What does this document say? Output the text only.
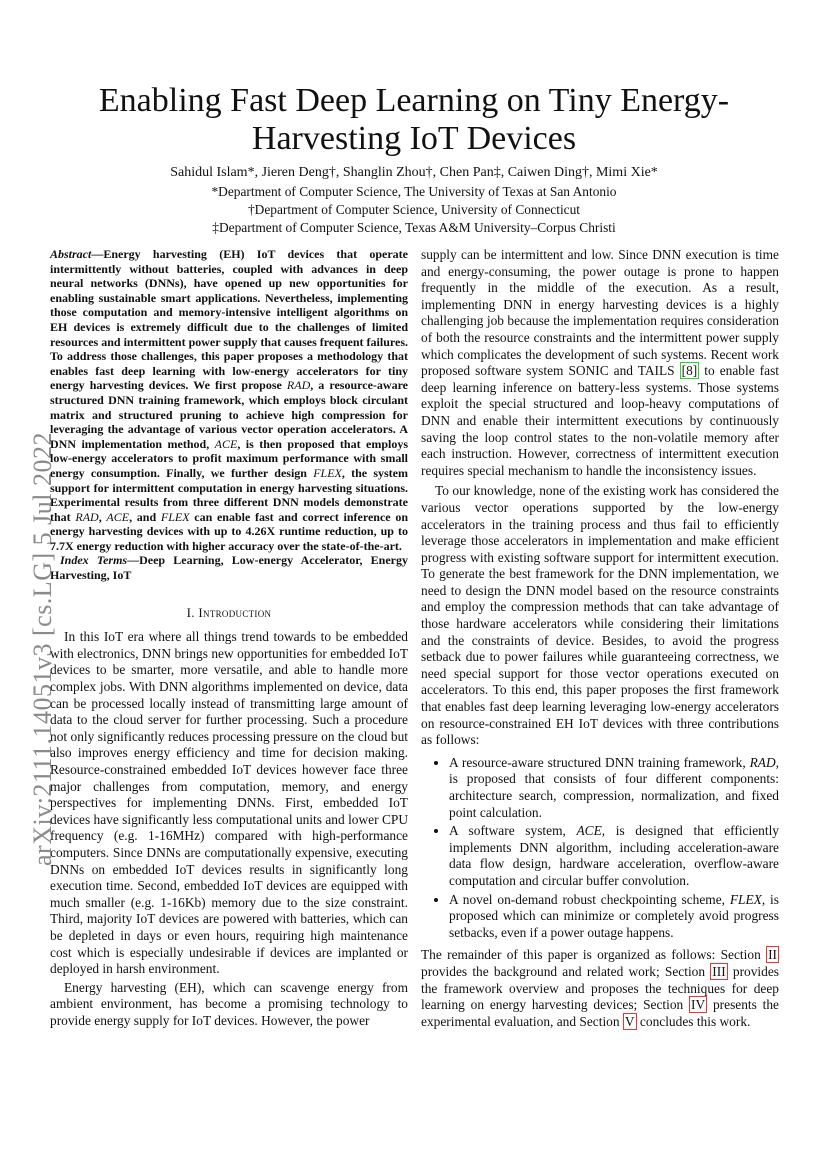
arXiv:2111.14051v3 [cs.LG] 5 Jul 2022
Enabling Fast Deep Learning on Tiny Energy-Harvesting IoT Devices
Sahidul Islam*, Jieren Deng†, Shanglin Zhou†, Chen Pan‡, Caiwen Ding†, Mimi Xie*
*Department of Computer Science, The University of Texas at San Antonio
†Department of Computer Science, University of Connecticut
‡Department of Computer Science, Texas A&M University–Corpus Christi

Abstract—Energy harvesting (EH) IoT devices that operate intermittently without batteries, coupled with advances in deep neural networks (DNNs), have opened up new opportunities for enabling sustainable smart applications. Nevertheless, implementing those computation and memory-intensive intelligent algorithms on EH devices is extremely difficult due to the challenges of limited resources and intermittent power supply that causes frequent failures. To address those challenges, this paper proposes a methodology that enables fast deep learning with low-energy accelerators for tiny energy harvesting devices. We first propose RAD, a resource-aware structured DNN training framework, which employs block circulant matrix and structured pruning to achieve high compression for leveraging the advantage of various vector operation accelerators. A DNN implementation method, ACE, is then proposed that employs low-energy accelerators to profit maximum performance with small energy consumption. Finally, we further design FLEX, the system support for intermittent computation in energy harvesting situations. Experimental results from three different DNN models demonstrate that RAD, ACE, and FLEX can enable fast and correct inference on energy harvesting devices with up to 4.26X runtime reduction, up to 7.7X energy reduction with higher accuracy over the state-of-the-art.

Index Terms—Deep Learning, Low-energy Accelerator, Energy Harvesting, IoT

I. Introduction

In this IoT era where all things trend towards to be embedded with electronics, DNN brings new opportunities for embedded IoT devices to be smarter, more versatile, and able to handle more complex jobs. With DNN algorithms implemented on device, data can be processed locally instead of transmitting large amount of data to the cloud server for further processing. Such a procedure not only significantly reduces processing pressure on the cloud but also improves energy efficiency and time for decision making. Resource-constrained embedded IoT devices however face three major challenges from computation, memory, and energy perspectives for implementing DNNs. First, embedded IoT devices have significantly less computational units and lower CPU frequency (e.g. 1-16MHz) compared with high-performance computers. Since DNNs are computationally expensive, executing DNNs on embedded IoT devices results in significantly long execution time. Second, embedded IoT devices are equipped with much smaller (e.g. 1-16Kb) memory due to the size constraint. Third, majority IoT devices are powered with batteries, which can be depleted in days or even hours, requiring high maintenance cost which is especially undesirable if devices are implanted or deployed in harsh environment.

Energy harvesting (EH), which can scavenge energy from ambient environment, has become a promising technology to provide energy supply for IoT devices. However, the power

supply can be intermittent and low. Since DNN execution is time and energy-consuming, the power outage is prone to happen frequently in the middle of the execution. As a result, implementing DNN in energy harvesting devices is a highly challenging job because the implementation requires consideration of both the resource constraints and the intermittent power supply which complicates the development of such systems. Recent work proposed software system SONIC and TAILS [8] to enable fast deep learning inference on battery-less systems. Those systems exploit the special structured and loop-heavy computations of DNN and enable their intermittent executions by continuously saving the loop control states to the non-volatile memory after each instruction. However, correctness of intermittent execution requires special mechanism to handle the inconsistency issues.

To our knowledge, none of the existing work has considered the various vector operations supported by the low-energy accelerators in the training process and thus fail to efficiently leverage those accelerators in implementation and make efficient progress with existing software support for intermittent execution. To generate the best framework for the DNN implementation, we need to design the DNN model based on the resource constraints and employ the compression methods that can take advantage of those hardware accelerators while considering their limitations and the constraints of device. Besides, to avoid the progress setback due to power failures while guaranteeing correctness, we need special support for those vector operations executed on accelerators. To this end, this paper proposes the first framework that enables fast deep learning leveraging low-energy accelerators on resource-constrained EH IoT devices with three contributions as follows:

• A resource-aware structured DNN training framework, RAD, is proposed that consists of four different components: architecture search, compression, normalization, and fixed point calculation.
• A software system, ACE, is designed that efficiently implements DNN algorithm, including acceleration-aware data flow design, hardware acceleration, overflow-aware computation and circular buffer convolution.
• A novel on-demand robust checkpointing scheme, FLEX, is proposed which can minimize or completely avoid progress setbacks, even if a power outage happens.

The remainder of this paper is organized as follows: Section II provides the background and related work; Section III provides the framework overview and proposes the techniques for deep learning on energy harvesting devices; Section IV presents the experimental evaluation, and Section V concludes this work.
